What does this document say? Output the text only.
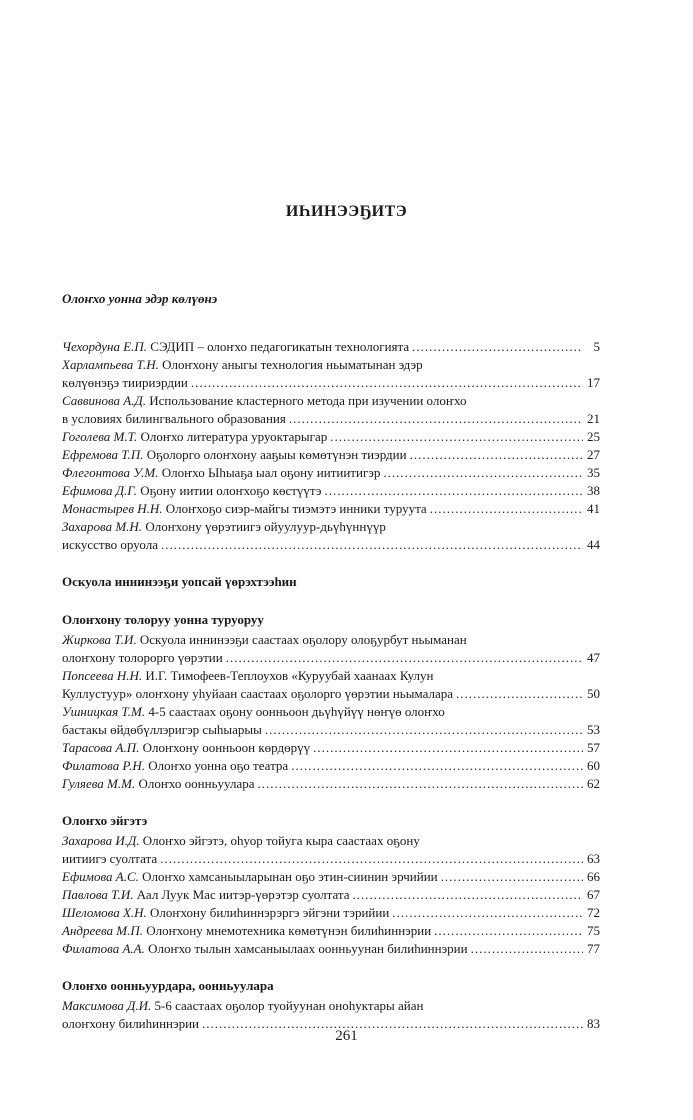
ИҺИНЭЭҔИТЭ
Олоҥхо уонна эдэр көлүөнэ
Чехордуна Е.П. СЭДИП – олоҥхо педагогикатын технологията .....	5
Харлампьева Т.Н. Олоҥхону аныгы технология ньыматынан эдэр
көлүөнэҕэ тиириэрдии .....	17
Саввинова А.Д. Использование кластерного метода при изучении олоҥхо
в условиях билингвального образования .....	21
Гоголева М.Т. Олоҥхо литература уруоктарыгар .....	25
Ефремова Т.П. Оҕолорго олоҥхону ааҕыы көмөтүнэн тиэрдии .....	27
Флегонтова У.М. Олоҥхо Ыһыаҕа ыал оҕону иитиитигэр .....	35
Ефимова Д.Г. Оҕону иитии олоҥхоҕо көстүүтэ .....	38
Монастырев Н.Н. Олоҥхоҕо сиэр-майгы тиэмэтэ инники туруута .....	41
Захарова М.Н. Олоҥхону үөрэтиигэ ойуулуур-дьүһүннүүр
искусство оруола .....	44
Оскуола иннинээҕи уопсай үөрэхтээһин
Олоҥхону толоруу уонна туруоруу
Жиркова Т.И. Оскуола иннинээҕи саастаах оҕолору олоҕурбут ньыманан
олоҥхону толорорго үөрэтии .....	47
Попсеева Н.Н. И.Г. Тимофеев-Теплоухов «Куруубай хаанаах Кулун
Куллустуур» олоҥхону уһуйаан саастаах оҕолорго үөрэтии ньымалара .....	50
Ушницкая Т.М. 4-5 саастаах оҕону оонньоон дьүһүйүү нөҥүө олоҥхо
бастакы өйдөбүллэригэр сыһыарыы .....	53
Тарасова А.П. Олоҥхону оонньоон көрдөрүү .....	57
Филатова Р.Н. Олоҥхо уонна оҕо театра .....	60
Гуляева М.М. Олоҥхо оонньуулара .....	62
Олоҥхо эйгэтэ
Захарова И.Д. Олоҥхо эйгэтэ, оһуор тойуга кыра саастаах оҕону
иитиигэ суолтата .....	63
Ефимова А.С. Олоҥхо хамсаныыларынан оҕо этин-сиинин эрчийии .....	66
Павлова Т.И. Аал Луук Мас иитэр-үөрэтэр суолтата .....	67
Шеломова Х.Н. Олоҥхону билиһиннэрэргэ эйгэни тэрийии .....	72
Андреева М.П. Олоҥхону мнемотехника көмөтүнэн билиһиннэрии .....	75
Филатова А.А. Олоҥхо тылын хамсаныылаах оонньуунан билиһиннэрии .....	77
Олоҥхо оонньуурдара, оонньуулара
Максимова Д.И. 5-6 саастаах оҕолор туойуунан оноһуктары айан
олоҥхону билиһиннэрии .....	83
261
